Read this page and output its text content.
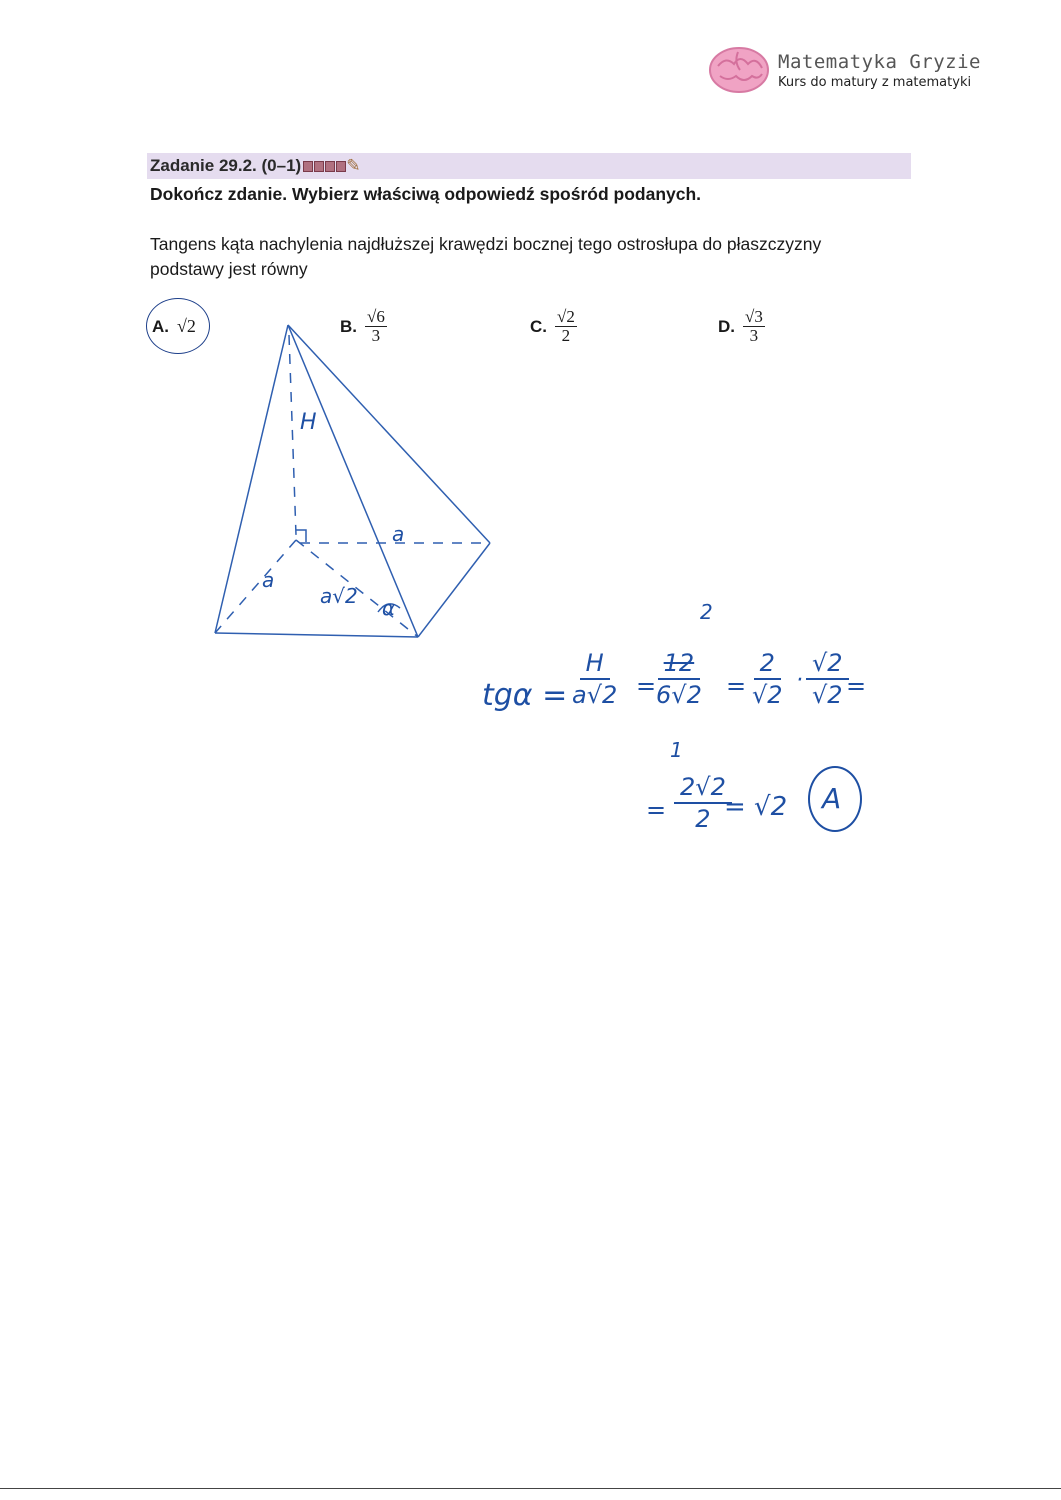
Matematyka Gryzie
Kurs do matury z matematyki
Zadanie 29.2. (0–1)	✎
Dokończ zdanie. Wybierz właściwą odpowiedź spośród podanych.
Tangens kąta nachylenia najdłuższej krawędzi bocznej tego ostrosłupa do płaszczyzny podstawy jest równy
A. √2	B. $\frac{√6}{3}$	C. $\frac{√2}{2}$	D. $\frac{√3}{3}$
H
a
a
a√2 α
$tg\alpha = \frac{H}{a√2}$ =
2
$\frac{12}{6√2}$
1
= $\frac{2}{√2} \cdot \frac{√2}{√2}$
=
= $\frac{2√2}{2}$
= √2 A
